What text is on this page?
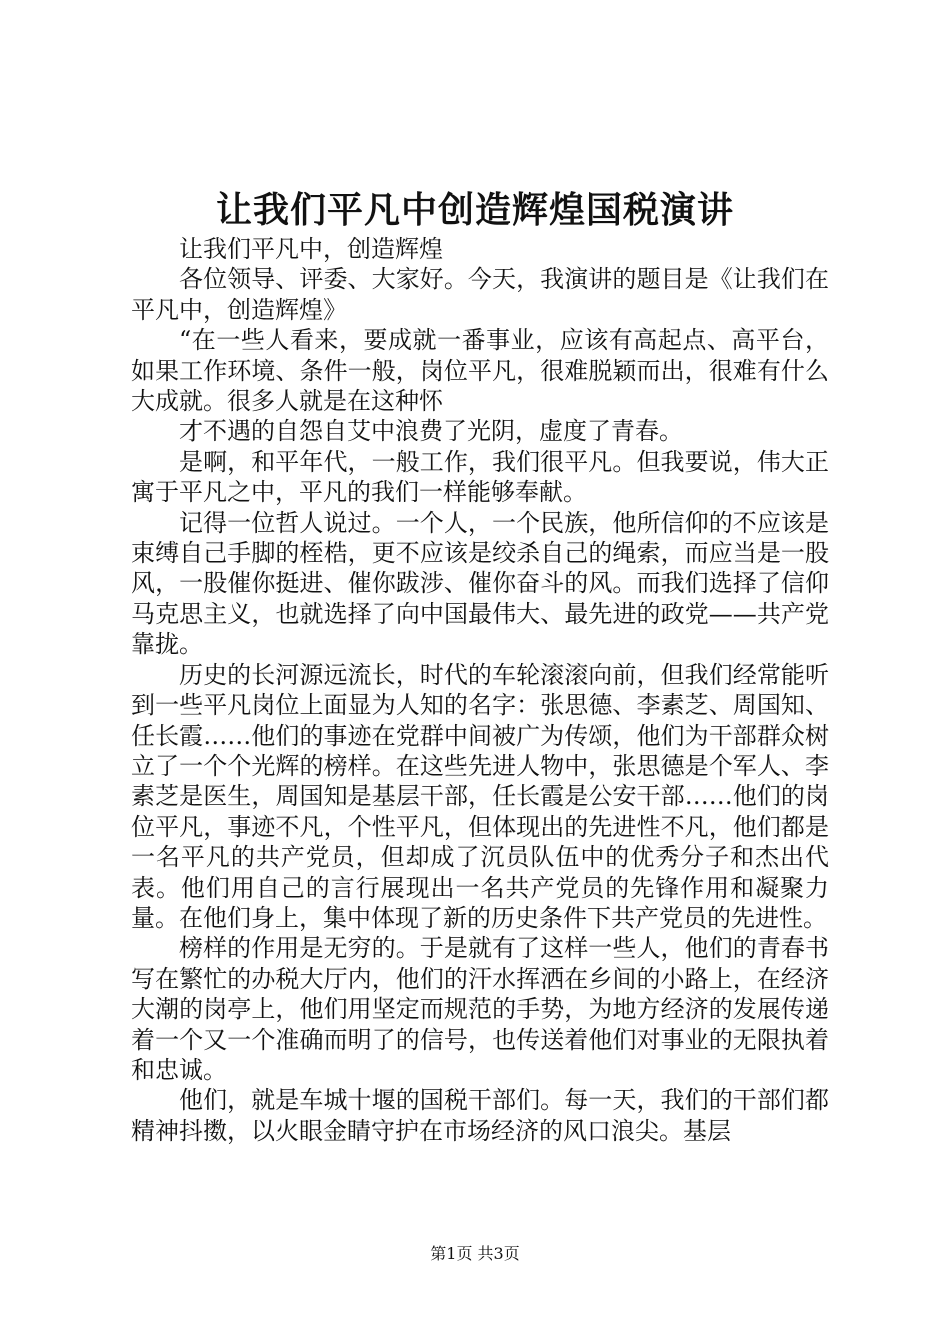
让我们平凡中创造辉煌国税演讲

让我们平凡中，创造辉煌

各位领导、评委、大家好。今天，我演讲的题目是《让我们在平凡中，创造辉煌》

“在一些人看来，要成就一番事业，应该有高起点、高平台，如果工作环境、条件一般，岗位平凡，很难脱颖而出，很难有什么大成就。很多人就是在这种怀

才不遇的自怨自艾中浪费了光阴，虚度了青春。

是啊，和平年代，一般工作，我们很平凡。但我要说，伟大正寓于平凡之中，平凡的我们一样能够奉献。

记得一位哲人说过。一个人，一个民族，他所信仰的不应该是束缚自己手脚的桎梏，更不应该是绞杀自己的绳索，而应当是一股风，一股催你挺进、催你跋涉、催你奋斗的风。而我们选择了信仰马克思主义，也就选择了向中国最伟大、最先进的政党——共产党靠拢。

历史的长河源远流长，时代的车轮滚滚向前，但我们经常能听到一些平凡岗位上面显为人知的名字：张思德、李素芝、周国知、任长霞……他们的事迹在党群中间被广为传颂，他们为干部群众树立了一个个光辉的榜样。在这些先进人物中，张思德是个军人、李素芝是医生，周国知是基层干部，任长霞是公安干部……他们的岗位平凡，事迹不凡，个性平凡，但体现出的先进性不凡，他们都是一名平凡的共产党员，但却成了沉员队伍中的优秀分子和杰出代表。他们用自己的言行展现出一名共产党员的先锋作用和凝聚力量。在他们身上，集中体现了新的历史条件下共产党员的先进性。

榜样的作用是无穷的。于是就有了这样一些人，他们的青春书写在繁忙的办税大厅内，他们的汗水挥洒在乡间的小路上，在经济大潮的岗亭上，他们用坚定而规范的手势，为地方经济的发展传递着一个又一个准确而明了的信号，也传送着他们对事业的无限执着和忠诚。

他们，就是车城十堰的国税干部们。每一天，我们的干部们都精神抖擞，以火眼金睛守护在市场经济的风口浪尖。基层

第1页 共3页
